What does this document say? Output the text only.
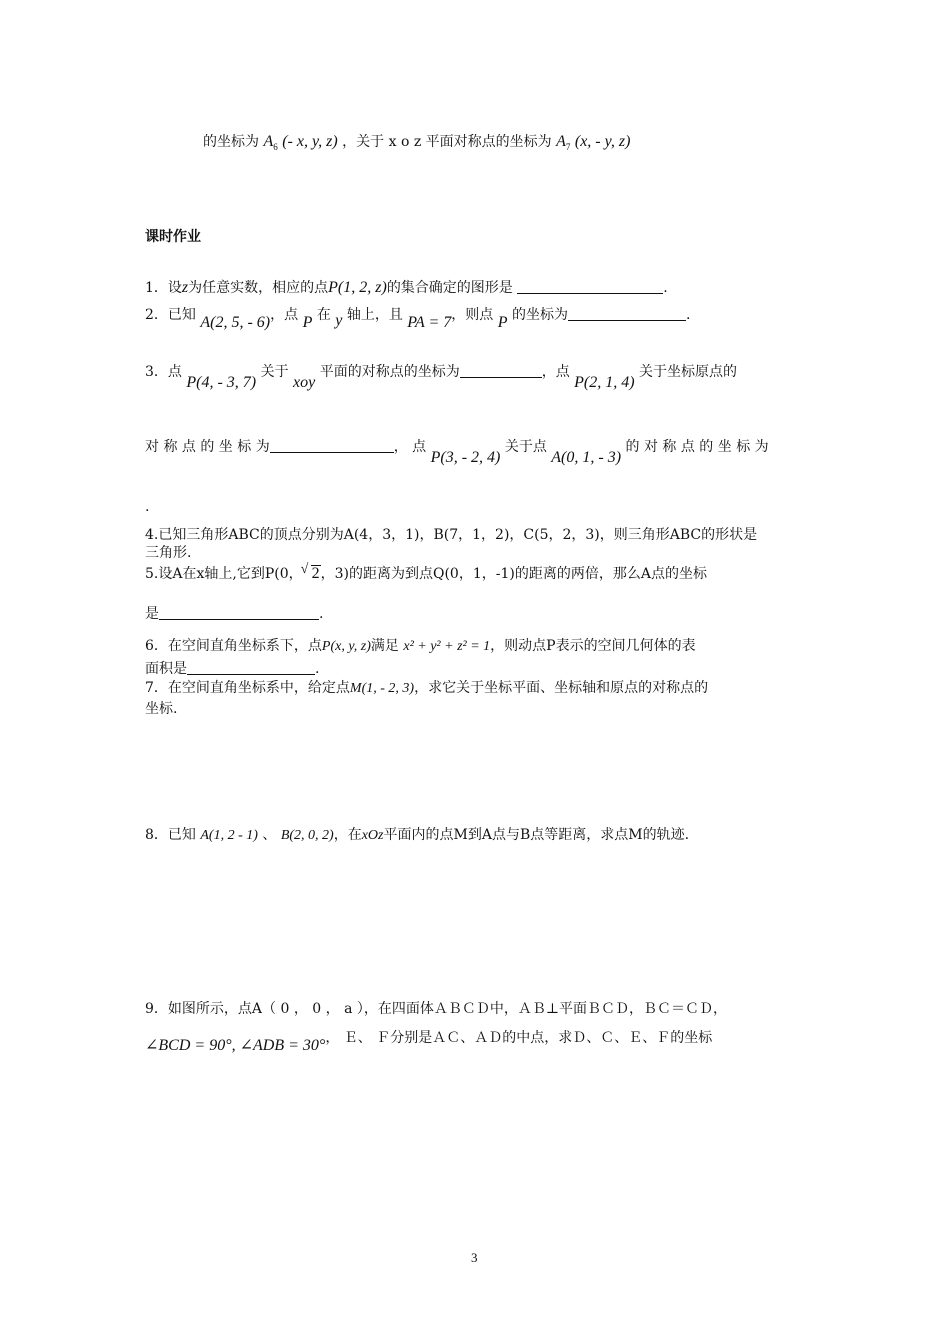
的坐标为 $A_6$ (- x, y, z) ，关于 x o z 平面对称点的坐标为 $A_7$ (x, - y, z)
课时作业
1．设z为任意实数，相应的点P(1, 2, z)的集合确定的图形是	.
2．已知 A(2, 5, - 6)，点 P 在 y 轴上，且 PA = 7，则点 P 的坐标为	.
3．点 P(4, - 3, 7) 关于 xoy 平面的对称点的坐标为	，点 P(2, 1, 4) 关于坐标原点的
对 称 点 的 坐 标 为	， 点 P(3, - 2, 4) 关于点 A(0, 1, - 3) 的 对 称 点 的 坐 标 为
.
4.已知三角形ABC的顶点分别为A(4，3，1)，B(7，1，2)，C(5，2，3)，则三角形ABC的形状是
三角形.
5.设A在x轴上,它到P(0，√ 2，3)的距离为到点Q(0，1，-1)的距离的两倍，那么A点的坐标
是	.
6．在空间直角坐标系下，点P(x, y, z)满足 x² + y² + z² = 1，则动点P表示的空间几何体的表
面积是	.
7．在空间直角坐标系中，给定点M(1, - 2, 3)，求它关于坐标平面、坐标轴和原点的对称点的
坐标.
8．已知 A(1, 2 - 1) 、 B(2, 0, 2)，在xOz平面内的点M到A点与B点等距离，求点M的轨迹.
9．如图所示，点A（ 0 ， 0 ， a ），在四面体ＡＢＣＤ中，ＡＢ⊥平面ＢＣＤ，ＢＣ＝ＣＤ，
∠BCD = 90°, ∠ADB = 30°， Ｅ、 Ｆ分别是ＡＣ、ＡＤ的中点，求Ｄ、Ｃ、Ｅ、Ｆ的坐标
3
